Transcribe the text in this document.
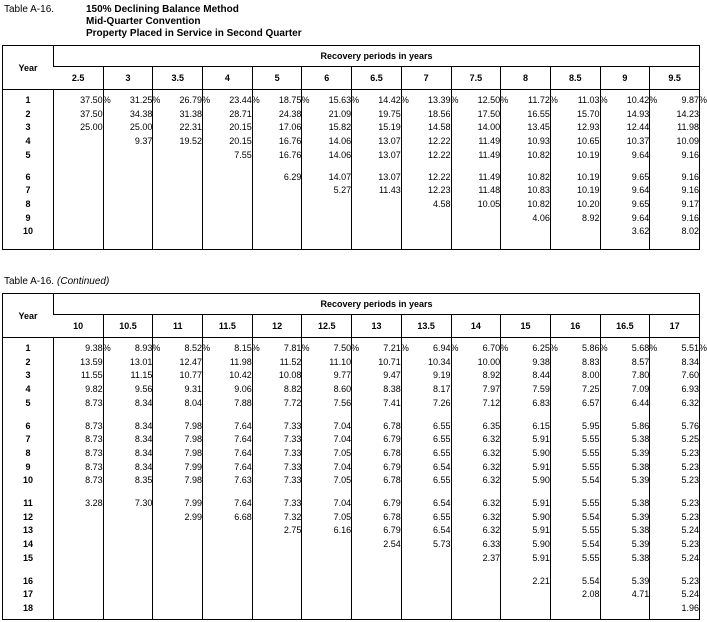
Table A-16.	150% Declining Balance Method
Mid-Quarter Convention
Property Placed in Service in Second Quarter
Year	Recovery periods in years												
	2.5	3	3.5	4	5	6	6.5	7	7.5	8	8.5	9	9.5

1	37.50%	31.25%	26.79%	23.44%	18.75%	15.63%	14.42%	13.39%	12.50%	11.72%	11.03%	10.42%	9.87%
2	37.50	34.38	31.38	28.71	24.38	21.09	19.75	18.56	17.50	16.55	15.70	14.93	14.23
3	25.00	25.00	22.31	20.15	17.06	15.82	15.19	14.58	14.00	13.45	12.93	12.44	11.98
4		9.37	19.52	20.15	16.76	14.06	13.07	12.22	11.49	10.93	10.65	10.37	10.09
5				7.55	16.76	14.06	13.07	12.22	11.49	10.82	10.19	9.64	9.16

6					6.29	14.07	13.07	12.22	11.49	10.82	10.19	9.65	9.16
7						5.27	11.43	12.23	11.48	10.83	10.19	9.64	9.16
8								4.58	10.05	10.82	10.20	9.65	9.17
9										4.06	8.92	9.64	9.16
10												3.62	8.02

Table A-16. (Continued)
Year	Recovery periods in years												
	10	10.5	11	11.5	12	12.5	13	13.5	14	15	16	16.5	17

1	9.38%	8.93%	8.52%	8.15%	7.81%	7.50%	7.21%	6.94%	6.70%	6.25%	5.86%	5.68%	5.51%
2	13.59	13.01	12.47	11.98	11.52	11.10	10.71	10.34	10.00	9.38	8.83	8.57	8.34
3	11.55	11.15	10.77	10.42	10.08	9.77	9.47	9.19	8.92	8.44	8.00	7.80	7.60
4	9.82	9.56	9.31	9.06	8.82	8.60	8.38	8.17	7.97	7.59	7.25	7.09	6.93
5	8.73	8.34	8.04	7.88	7.72	7.56	7.41	7.26	7.12	6.83	6.57	6.44	6.32

6	8.73	8.34	7.98	7.64	7.33	7.04	6.78	6.55	6.35	6.15	5.95	5.86	5.76
7	8.73	8.34	7.98	7.64	7.33	7.04	6.79	6.55	6.32	5.91	5.55	5.38	5.25
8	8.73	8.34	7.98	7.64	7.33	7.05	6.78	6.55	6.32	5.90	5.55	5.39	5.23
9	8.73	8.34	7.99	7.64	7.33	7.04	6.79	6.54	6.32	5.91	5.55	5.38	5.23
10	8.73	8.35	7.98	7.63	7.33	7.05	6.78	6.55	6.32	5.90	5.54	5.39	5.23

11	3.28	7.30	7.99	7.64	7.33	7.04	6.79	6.54	6.32	5.91	5.55	5.38	5.23
12			2.99	6.68	7.32	7.05	6.78	6.55	6.32	5.90	5.54	5.39	5.23
13					2.75	6.16	6.79	6.54	6.32	5.91	5.55	5.38	5.24
14							2.54	5.73	6.33	5.90	5.54	5.39	5.23
15									2.37	5.91	5.55	5.38	5.24

16										2.21	5.54	5.39	5.23
17											2.08	4.71	5.24
18													1.96
